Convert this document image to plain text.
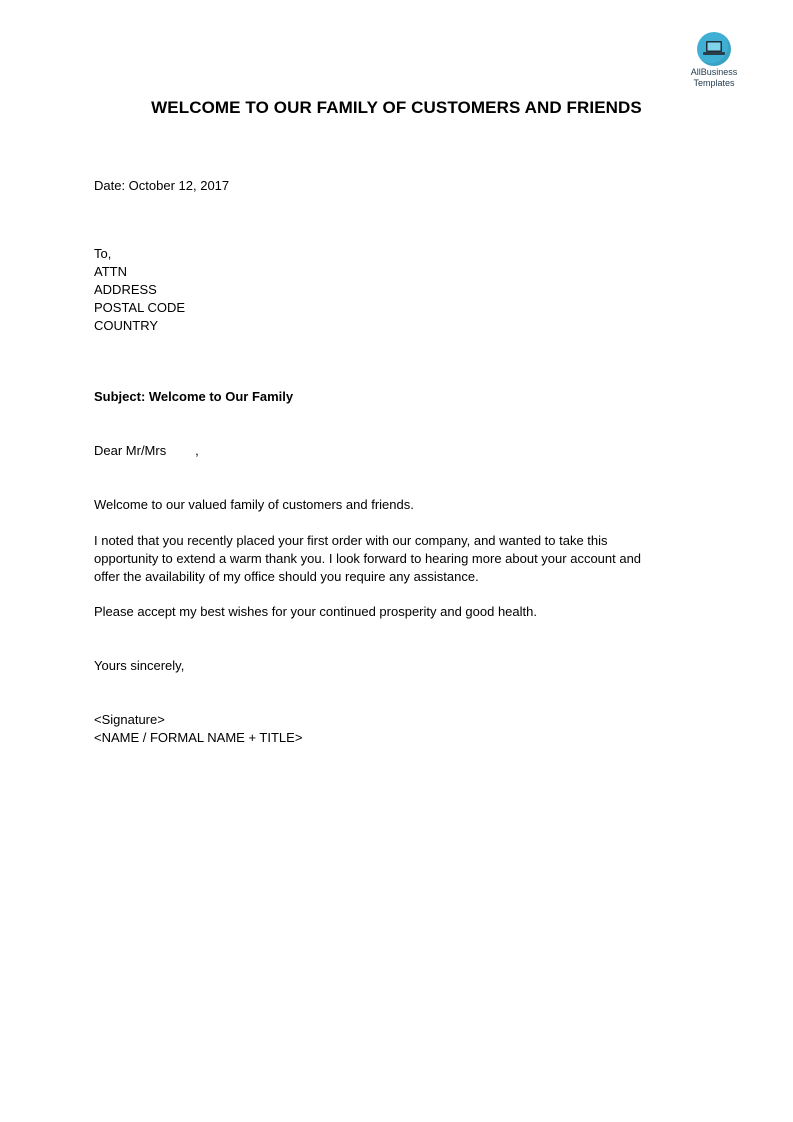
AllBusiness
Templates
WELCOME TO OUR FAMILY OF CUSTOMERS AND FRIENDS
Date: October 12, 2017
To,
ATTN
ADDRESS
POSTAL CODE
COUNTRY
Subject: Welcome to Our Family
Dear Mr/Mrs        ,
Welcome to our valued family of customers and friends.
I noted that you recently placed your first order with our company, and wanted to take this
opportunity to extend a warm thank you. I look forward to hearing more about your account and
offer the availability of my office should you require any assistance.
Please accept my best wishes for your continued prosperity and good health.
Yours sincerely,
<Signature>
<NAME / FORMAL NAME + TITLE>
